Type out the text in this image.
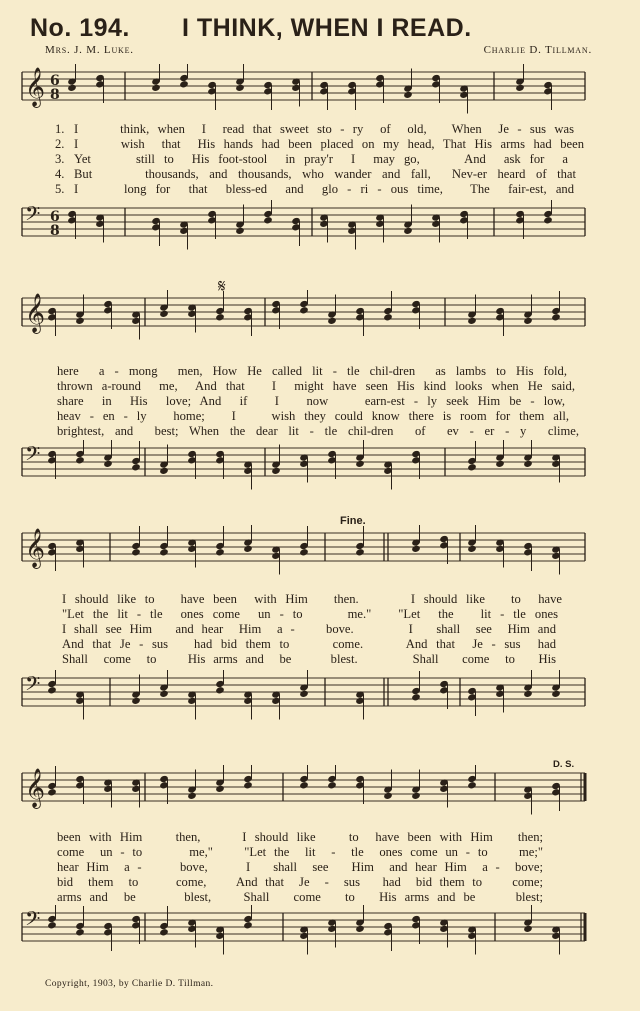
No. 194. I THINK, WHEN I READ.
Mrs. J. M. Luke.	Charlie D. Tillman.
𝄞 6
8
1. I     think, when  I  read that sweet sto - ry  of  old,   When  Je - sus was
2. I     wish  that  His hands had been placed on my head, That His arms had been
3. Yet     still to  His foot-stool  in pray'r  I  may go,     And  ask for  a
4. But     thousands, and thousands, who wander and fall,  Nev-er heard of that
5. I     long for  that  bless-ed  and  glo - ri - ous time,   The  fair-est, and
𝄢 6
8
𝄋
𝄞
here  a - mong  men, How He called lit - tle chil-dren  as lambs to His fold,
thrown a-round  me,  And that   I  might have seen His kind looks when He said,
share  in  His  love; And  if   I   now    earn-est - ly seek Him be - low,
heav - en - ly   home;   I    wish they could know there is room for them all,
brightest, and  best; When the dear lit - tle chil-dren  of  ev - er - y  clime,
𝄢
Fine.
𝄞
I should like to   have been  with Him   then.      I should like   to  have
"Let the lit - tle  ones come  un - to     me."   "Let  the   lit - tle ones
I shall see Him   and hear  Him  a -    bove.       I   shall  see  Him and
And that Je - sus   had bid them to     come.     And that  Je - sus  had
Shall  come  to    His arms and  be     blest.       Shall   come  to   His
𝄢
D. S.
𝄞
been with Him    then,     I should like    to  have been with Him   then;
come  un - to      me,"    "Let the  lit  -  tle  ones come un - to    me;"
hear Him  a -     bove,     I   shall  see   Him  and hear Him  a -  bove;
bid  them  to     come,    And that  Je  -  sus   had  bid them to    come;
arms and  be      blest,    Shall   come   to   His arms and be     blest;
𝄢
Copyright, 1903, by Charlie D. Tillman.
